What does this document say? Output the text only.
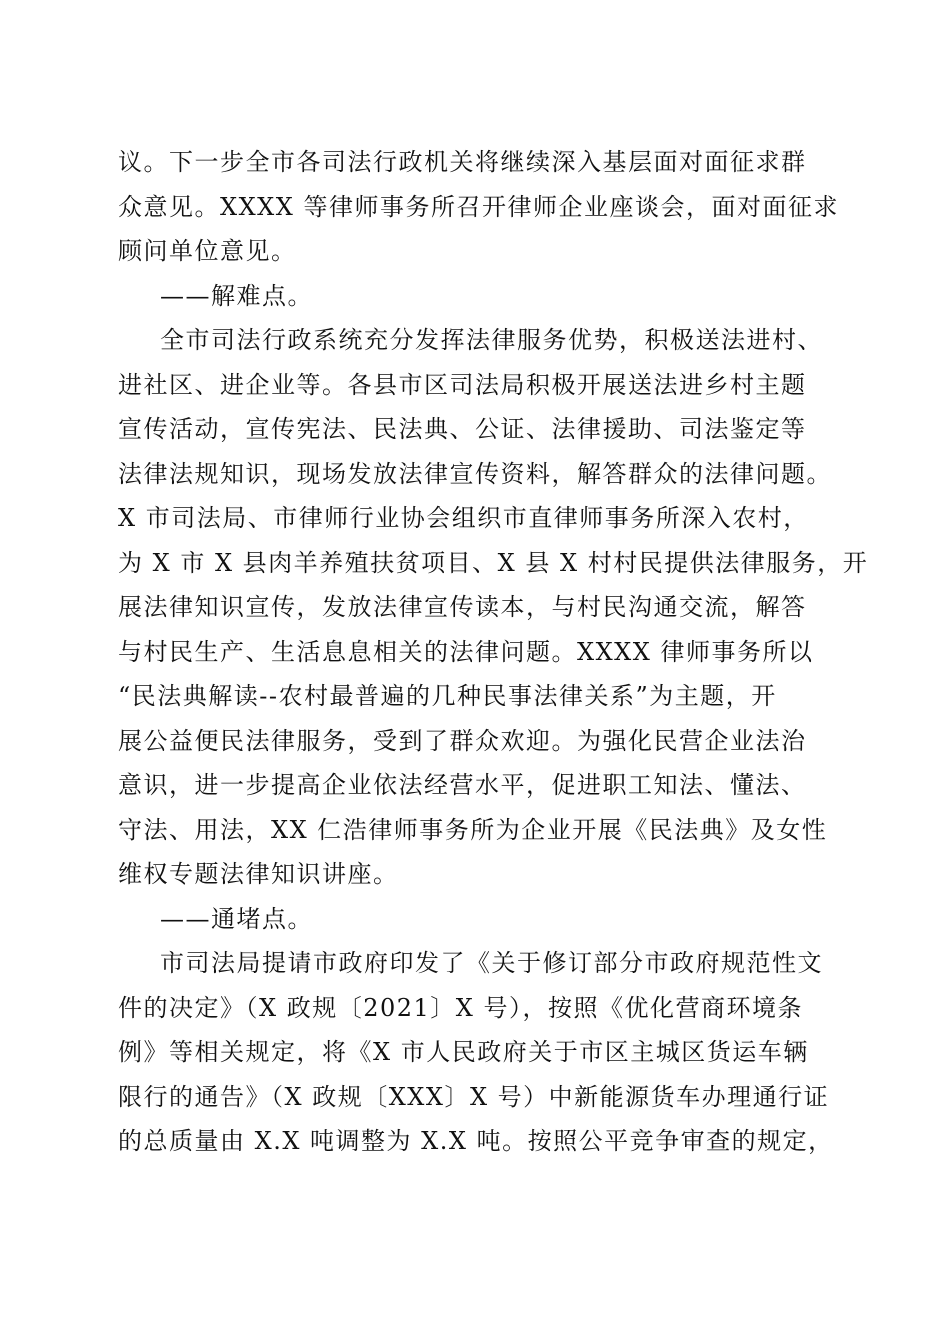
议。下一步全市各司法行政机关将继续深入基层面对面征求群
众意见。XXXX 等律师事务所召开律师企业座谈会，面对面征求
顾问单位意见。
——解难点。
全市司法行政系统充分发挥法律服务优势，积极送法进村、
进社区、进企业等。各县市区司法局积极开展送法进乡村主题
宣传活动，宣传宪法、民法典、公证、法律援助、司法鉴定等
法律法规知识，现场发放法律宣传资料，解答群众的法律问题。
X 市司法局、市律师行业协会组织市直律师事务所深入农村，
为 X 市 X 县肉羊养殖扶贫项目、X 县 X 村村民提供法律服务，开
展法律知识宣传，发放法律宣传读本，与村民沟通交流，解答
与村民生产、生活息息相关的法律问题。XXXX 律师事务所以
“民法典解读--农村最普遍的几种民事法律关系”为主题，开
展公益便民法律服务，受到了群众欢迎。为强化民营企业法治
意识，进一步提高企业依法经营水平，促进职工知法、懂法、
守法、用法，XX 仁浩律师事务所为企业开展《民法典》及女性
维权专题法律知识讲座。
——通堵点。
市司法局提请市政府印发了《关于修订部分市政府规范性文
件的决定》（X 政规〔2021〕X 号），按照《优化营商环境条
例》等相关规定，将《X 市人民政府关于市区主城区货运车辆
限行的通告》（X 政规〔XXX〕X 号）中新能源货车办理通行证
的总质量由 X.X 吨调整为 X.X 吨。按照公平竞争审查的规定，
